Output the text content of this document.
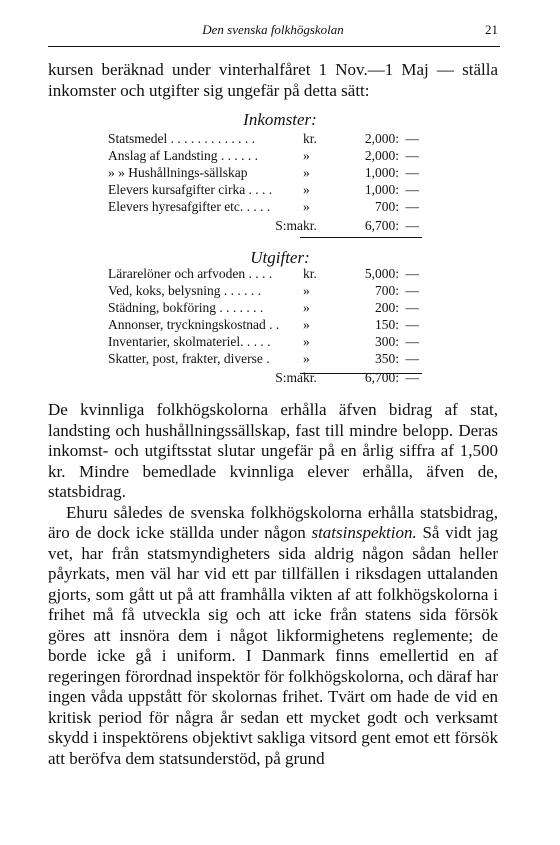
Den svenska folkhögskolan	21
kursen beräknad under vinterhalfåret 1 Nov.—1 Maj — ställa inkomster och utgifter sig ungefär på detta sätt:
Inkomster:
Statsmedel . . . . . . . . . . . . .	kr.	2,000:	—
Anslag af Landsting . . . . . .	»	2,000:	—
» » Hushållnings-sällskap	»	1,000:	—
Elevers kursafgifter cirka . . . .	»	1,000:	—
Elevers hyresafgifter etc. . . . .	»	700:	—
S:ma	kr.	6,700:	—
Utgifter:
Lärarelöner och arfvoden . . . .	kr.	5,000:	—
Ved, koks, belysning . . . . . .	»	700:	—
Städning, bokföring . . . . . . .	»	200:	—
Annonser, tryckningskostnad . .	»	150:	—
Inventarier, skolmateriel. . . . .	»	300:	—
Skatter, post, frakter, diverse .	»	350:	—
S:ma	kr.	6,700:	—

De kvinnliga folkhögskolorna erhålla äfven bidrag af stat, landsting och hushållningssällskap, fast till mindre belopp. Deras inkomst- och utgiftsstat slutar ungefär på en årlig siffra af 1,500 kr. Mindre bemedlade kvinnliga elever erhålla, äfven de, statsbidrag.

Ehuru således de svenska folkhögskolorna erhålla statsbidrag, äro de dock icke ställda under någon statsinspektion. Så vidt jag vet, har från statsmyndigheters sida aldrig någon sådan heller påyrkats, men väl har vid ett par tillfällen i riksdagen uttalanden gjorts, som gått ut på att framhålla vikten af att folkhögskolorna i frihet må få utveckla sig och att icke från statens sida försök göres att insnöra dem i något likformighetens reglemente; de borde icke gå i uniform. I Danmark finns emellertid en af regeringen förordnad inspektör för folkhögskolorna, och däraf har ingen våda uppstått för skolornas frihet. Tvärt om hade de vid en kritisk period för några år sedan ett mycket godt och verksamt skydd i inspektörens objektivt sakliga vitsord gent emot ett försök att beröfva dem statsunderstöd, på grund
